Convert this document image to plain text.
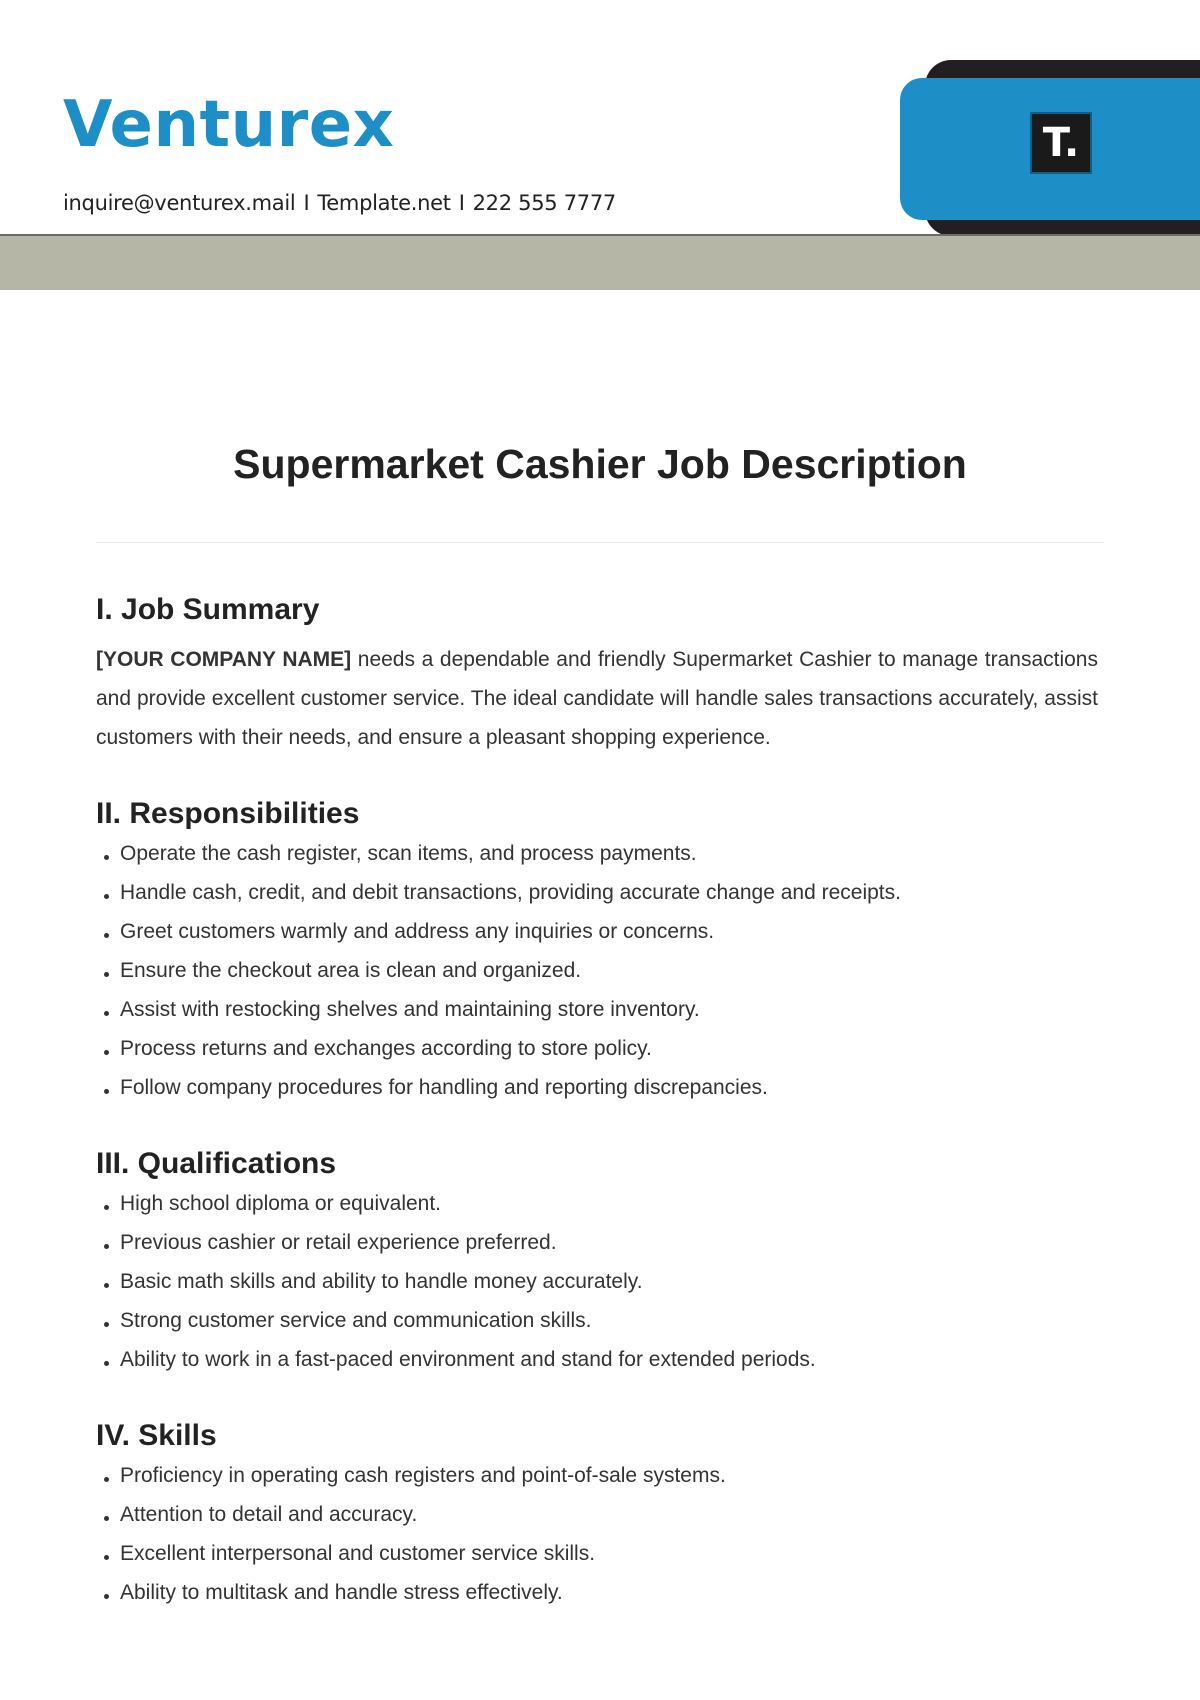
T.
Venturex
inquire@venturex.mail I Template.net I 222 555 7777
Supermarket Cashier Job Description
I. Job Summary

[YOUR COMPANY NAME] needs a dependable and friendly Supermarket Cashier to manage transactions and provide excellent customer service. The ideal candidate will handle sales transactions accurately, assist customers with their needs, and ensure a pleasant shopping experience.

II. Responsibilities
Operate the cash register, scan items, and process payments.
Handle cash, credit, and debit transactions, providing accurate change and receipts.
Greet customers warmly and address any inquiries or concerns.
Ensure the checkout area is clean and organized.
Assist with restocking shelves and maintaining store inventory.
Process returns and exchanges according to store policy.
Follow company procedures for handling and reporting discrepancies.
III. Qualifications
High school diploma or equivalent.
Previous cashier or retail experience preferred.
Basic math skills and ability to handle money accurately.
Strong customer service and communication skills.
Ability to work in a fast-paced environment and stand for extended periods.
IV. Skills
Proficiency in operating cash registers and point-of-sale systems.
Attention to detail and accuracy.
Excellent interpersonal and customer service skills.
Ability to multitask and handle stress effectively.
